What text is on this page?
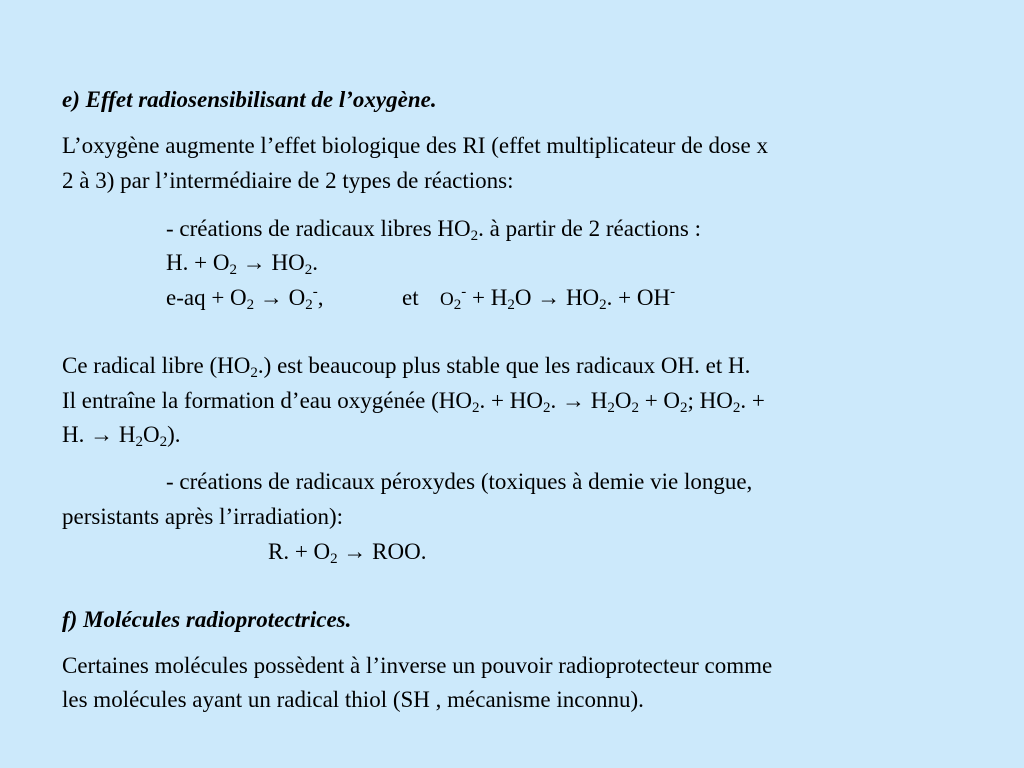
e) Effet radiosensibilisant de l’oxygène.
L’oxygène augmente l’effet biologique des RI (effet multiplicateur de dose x
2 à 3) par l’intermédiaire de 2 types de réactions:
- créations de radicaux libres $HO_2$. à partir de 2 réactions :
H. + $O_2 \to HO_2$.
$e-aq + O_2 \to O_2^-$,	et $O_2^- + H_2O \to HO_2$. + OH-
Ce radical libre $(HO_2.)$ est beaucoup plus stable que les radicaux OH. et H.
Il entraîne la formation d’eau oxygénée ($HO_2$. + $HO_2$. → $H_2O_2 + O_2$; $HO_2$. +
H. → $H_2O_2$).
- créations de radicaux péroxydes (toxiques à demie vie longue,
persistants après l’irradiation):
R. + $O_2$ → ROO.
f) Molécules radioprotectrices.
Certaines molécules possèdent à l’inverse un pouvoir radioprotecteur comme
les molécules ayant un radical thiol (SH , mécanisme inconnu).
